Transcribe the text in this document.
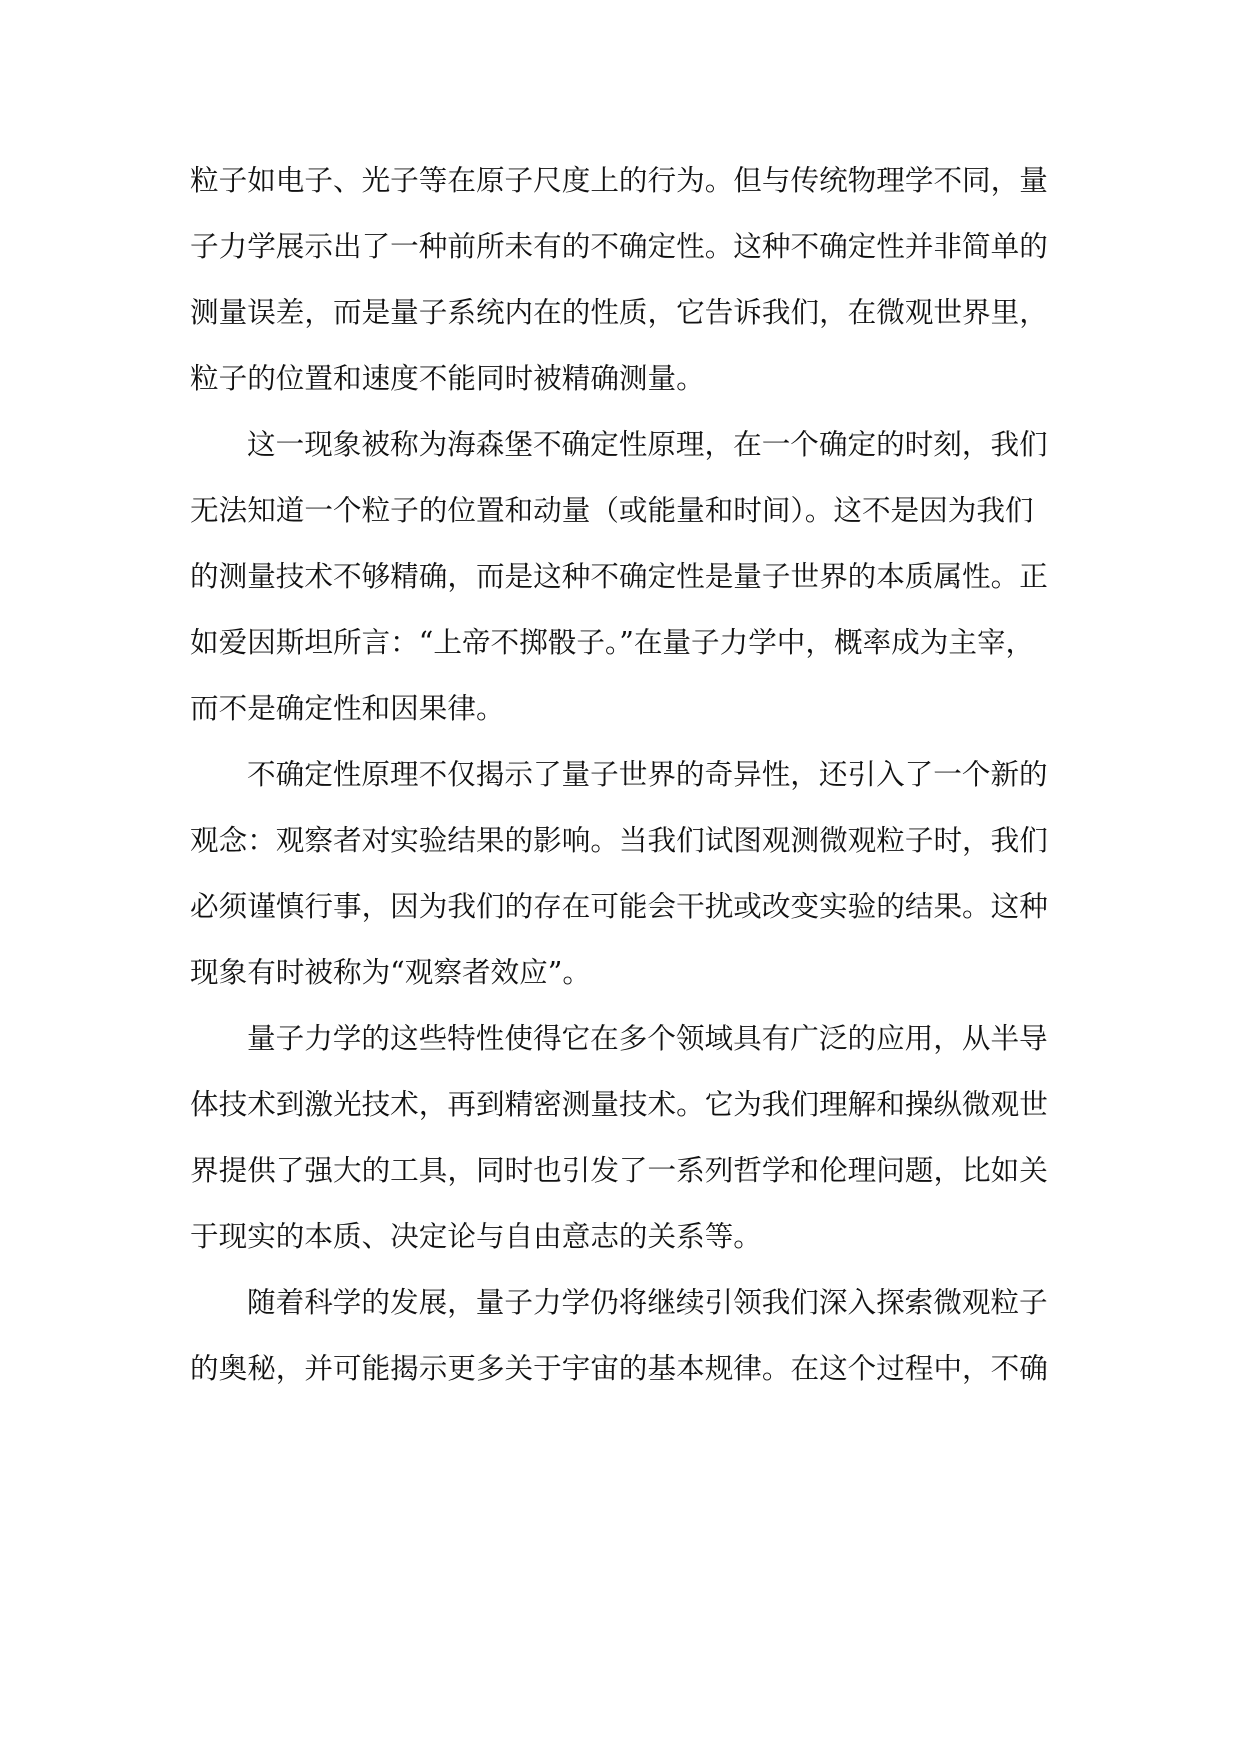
粒子如电子、光子等在原子尺度上的行为。但与传统物理学不同，量
子力学展示出了一种前所未有的不确定性。这种不确定性并非简单的
测量误差，而是量子系统内在的性质，它告诉我们，在微观世界里，
粒子的位置和速度不能同时被精确测量。
这一现象被称为海森堡不确定性原理，在一个确定的时刻，我们
无法知道一个粒子的位置和动量（或能量和时间）。这不是因为我们
的测量技术不够精确，而是这种不确定性是量子世界的本质属性。正
如爱因斯坦所言：“上帝不掷骰子。”在量子力学中，概率成为主宰，
而不是确定性和因果律。
不确定性原理不仅揭示了量子世界的奇异性，还引入了一个新的
观念：观察者对实验结果的影响。当我们试图观测微观粒子时，我们
必须谨慎行事，因为我们的存在可能会干扰或改变实验的结果。这种
现象有时被称为“观察者效应”。
量子力学的这些特性使得它在多个领域具有广泛的应用，从半导
体技术到激光技术，再到精密测量技术。它为我们理解和操纵微观世
界提供了强大的工具，同时也引发了一系列哲学和伦理问题，比如关
于现实的本质、决定论与自由意志的关系等。
随着科学的发展，量子力学仍将继续引领我们深入探索微观粒子
的奥秘，并可能揭示更多关于宇宙的基本规律。在这个过程中，不确
